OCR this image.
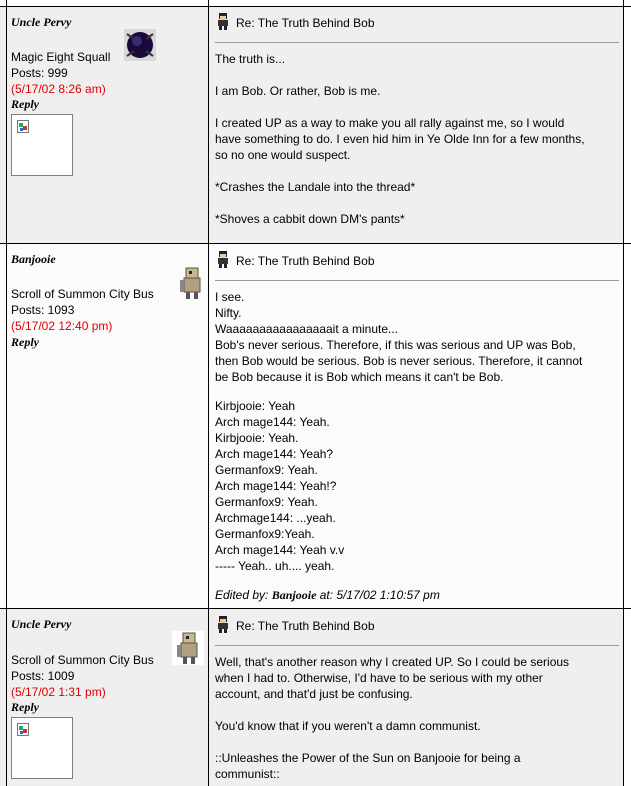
Uncle Pervy
Magic Eight Squall
Posts: 999
(5/17/02 8:26 am)
Reply
Re: The Truth Behind Bob

The truth is...

I am Bob. Or rather, Bob is me.

I created UP as a way to make you all rally against me, so I would

have something to do. I even hid him in Ye Olde Inn for a few months,

so no one would suspect.

*Crashes the Landale into the thread*

*Shoves a cabbit down DM's pants*

Banjooie
Scroll of Summon City Bus
Posts: 1093
(5/17/02 12:40 pm)
Reply
Re: The Truth Behind Bob

I see.

Nifty.

Waaaaaaaaaaaaaaaait a minute...

Bob's never serious. Therefore, if this was serious and UP was Bob,

then Bob would be serious. Bob is never serious. Therefore, it cannot

be Bob because it is Bob which means it can't be Bob.

Kirbjooie: Yeah

Arch mage144: Yeah.

Kirbjooie: Yeah.

Arch mage144: Yeah?

Germanfox9: Yeah.

Arch mage144: Yeah!?

Germanfox9: Yeah.

Archmage144: ...yeah.

Germanfox9:Yeah.

Arch mage144: Yeah v.v

----- Yeah.. uh.... yeah.

Edited by: Banjooie at: 5/17/02 1:10:57 pm

Uncle Pervy
Scroll of Summon City Bus
Posts: 1009
(5/17/02 1:31 pm)
Reply
Re: The Truth Behind Bob

Well, that's another reason why I created UP. So I could be serious

when I had to. Otherwise, I'd have to be serious with my other

account, and that'd just be confusing.

You'd know that if you weren't a damn communist.

::Unleashes the Power of the Sun on Banjooie for being a

communist::
